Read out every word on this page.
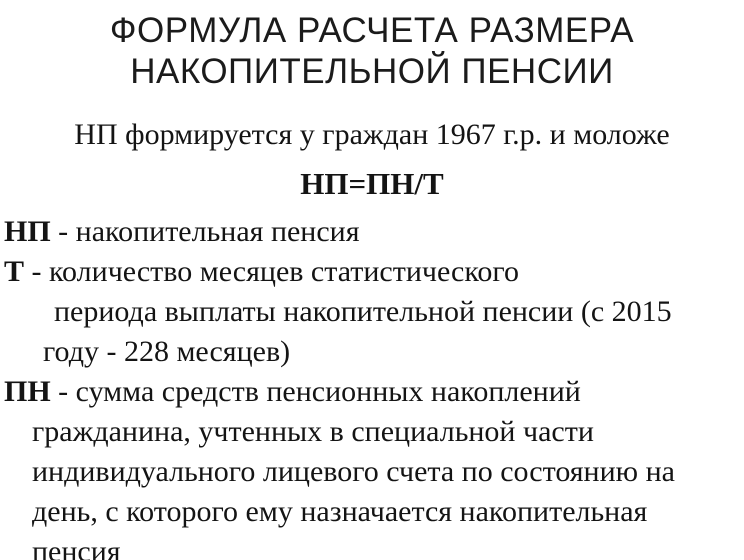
ФОРМУЛА РАСЧЕТА РАЗМЕРА
НАКОПИТЕЛЬНОЙ ПЕНСИИ
НП формируется у граждан 1967 г.р. и моложе
НП=ПН/Т
НП - накопительная пенсия
Т - количество месяцев статистического
периода выплаты накопительной пенсии (с 2015
году - 228 месяцев)
ПН - сумма средств пенсионных накоплений
гражданина, учтенных в специальной части
индивидуального лицевого счета по состоянию на
день, с которого ему назначается накопительная
пенсия
